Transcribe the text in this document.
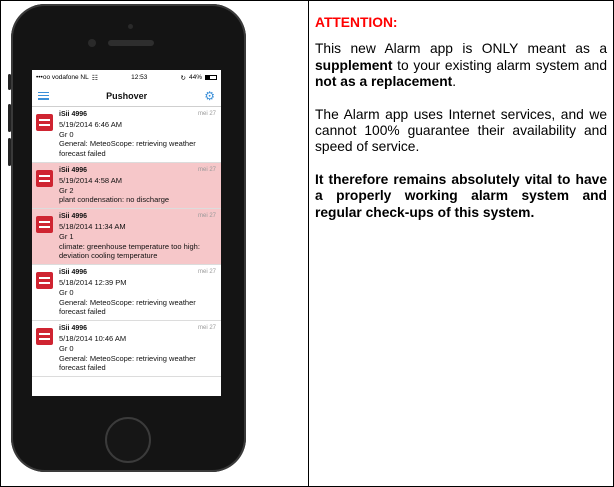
•••oo vodafone NL ☷	12:53	↻ 44%
Pushover	⚙
iSii 4996	mei 27
5/19/2014 6:46 AM
Gr 0
General: MeteoScope: retrieving weather forecast failed
iSii 4996	mei 27
5/19/2014 4:58 AM
Gr 2
plant condensation: no discharge
iSii 4996	mei 27
5/18/2014 11:34 AM
Gr 1
climate: greenhouse temperature too high: deviation cooling temperature
iSii 4996	mei 27
5/18/2014 12:39 PM
Gr 0
General: MeteoScope: retrieving weather forecast failed
iSii 4996	mei 27
5/18/2014 10:46 AM
Gr 0
General: MeteoScope: retrieving weather forecast failed

ATTENTION:

This new Alarm app is ONLY meant as a supplement to your existing alarm system and not as a replacement.

The Alarm app uses Internet services, and we cannot 100% guarantee their availability and speed of service.

It therefore remains absolutely vital to have a properly working alarm system and regular check-ups of this system.
